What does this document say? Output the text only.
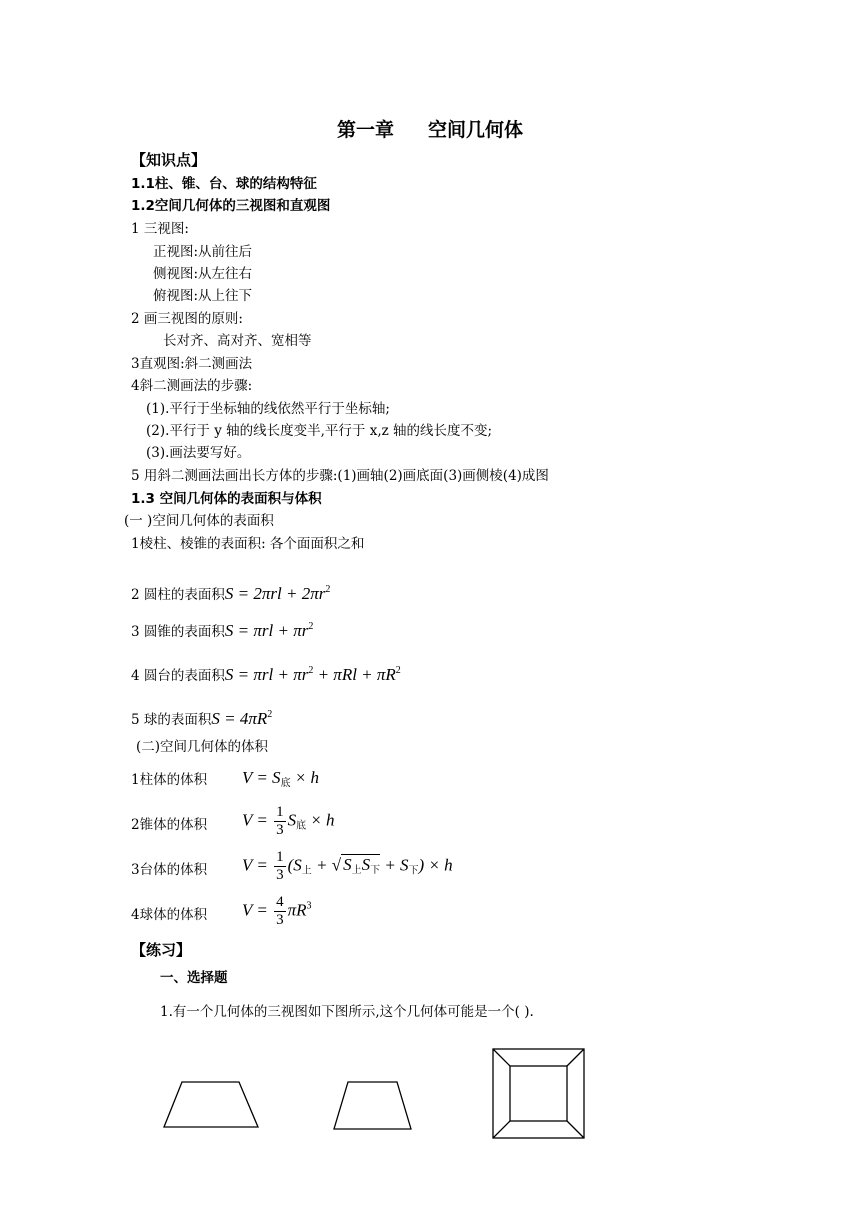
第一章 空间几何体
【知识点】
1.1柱、锥、台、球的结构特征
1.2空间几何体的三视图和直观图
1 三视图:
正视图:从前往后
侧视图:从左往右
俯视图:从上往下
2 画三视图的原则:
长对齐、高对齐、宽相等
3直观图:斜二测画法
4斜二测画法的步骤:
(1).平行于坐标轴的线依然平行于坐标轴;
(2).平行于 y 轴的线长度变半,平行于 x,z 轴的线长度不变;
(3).画法要写好。
5 用斜二测画法画出长方体的步骤:(1)画轴(2)画底面(3)画侧棱(4)成图
1.3 空间几何体的表面积与体积
(一 )空间几何体的表面积
1棱柱、棱锥的表面积: 各个面面积之和
2 圆柱的表面积$S = 2\pi rl + 2\pi r^2$
3 圆锥的表面积$S = \pi rl + \pi r^2$
4 圆台的表面积$S = \pi rl + \pi r^2 + \pi Rl + \pi R^2$
5 球的表面积$S = 4\pi R^2$
(二)空间几何体的体积
1柱体的体积 $V = S_底 \times h$
2锥体的体积 $V = \frac{1}{3} S_底 \times h$
3台体的体积 $V = \frac{1}{3} (S_上$ + √ $S_上S_下 + S_下) \times h$
4球体的体积 $V = \frac{4}{3} \pi R^3$
【练习】
一、选择题
1.有一个几何体的三视图如下图所示,这个几何体可能是一个( ).
